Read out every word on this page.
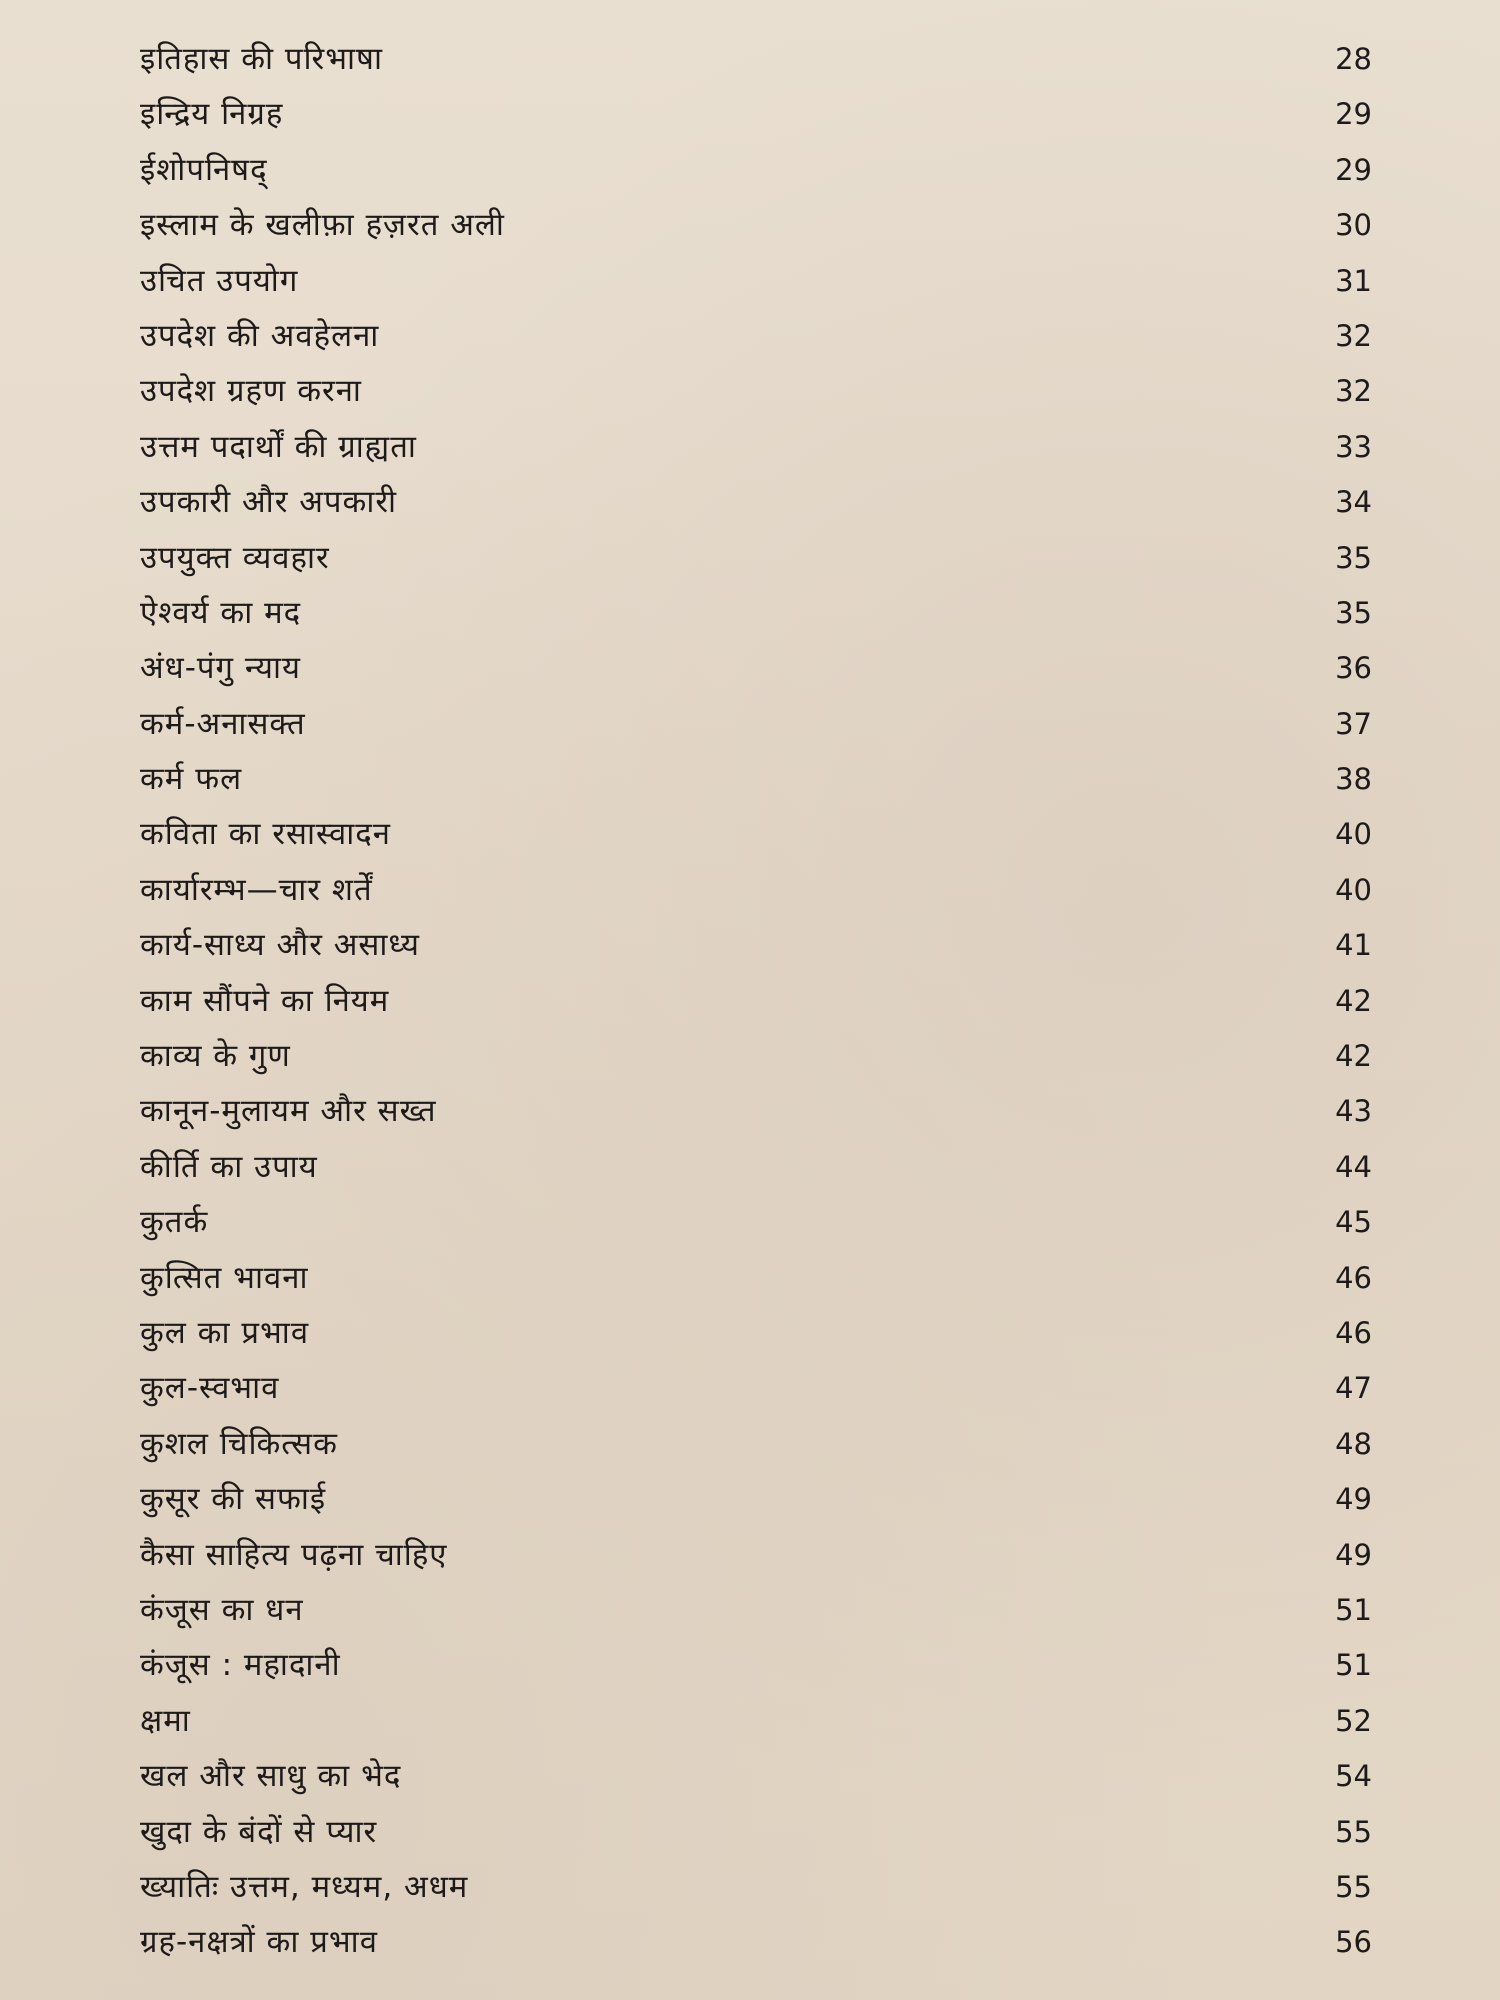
इतिहास की परिभाषा	28
इन्द्रिय निग्रह	29
ईशोपनिषद्	29
इस्लाम के खलीफ़ा हज़रत अली	30
उचित उपयोग	31
उपदेश की अवहेलना	32
उपदेश ग्रहण करना	32
उत्तम पदार्थों की ग्राह्यता	33
उपकारी और अपकारी	34
उपयुक्त व्यवहार	35
ऐश्वर्य का मद	35
अंध-पंगु न्याय	36
कर्म-अनासक्त	37
कर्म फल	38
कविता का रसास्वादन	40
कार्यारम्भ—चार शर्तें	40
कार्य-साध्य और असाध्य	41
काम सौंपने का नियम	42
काव्य के गुण	42
कानून-मुलायम और सख्त	43
कीर्ति का उपाय	44
कुतर्क	45
कुत्सित भावना	46
कुल का प्रभाव	46
कुल-स्वभाव	47
कुशल चिकित्सक	48
कुसूर की सफाई	49
कैसा साहित्य पढ़ना चाहिए	49
कंजूस का धन	51
कंजूस : महादानी	51
क्षमा	52
खल और साधु का भेद	54
खुदा के बंदों से प्यार	55
ख्यातिः उत्तम, मध्यम, अधम	55
ग्रह-नक्षत्रों का प्रभाव	56
